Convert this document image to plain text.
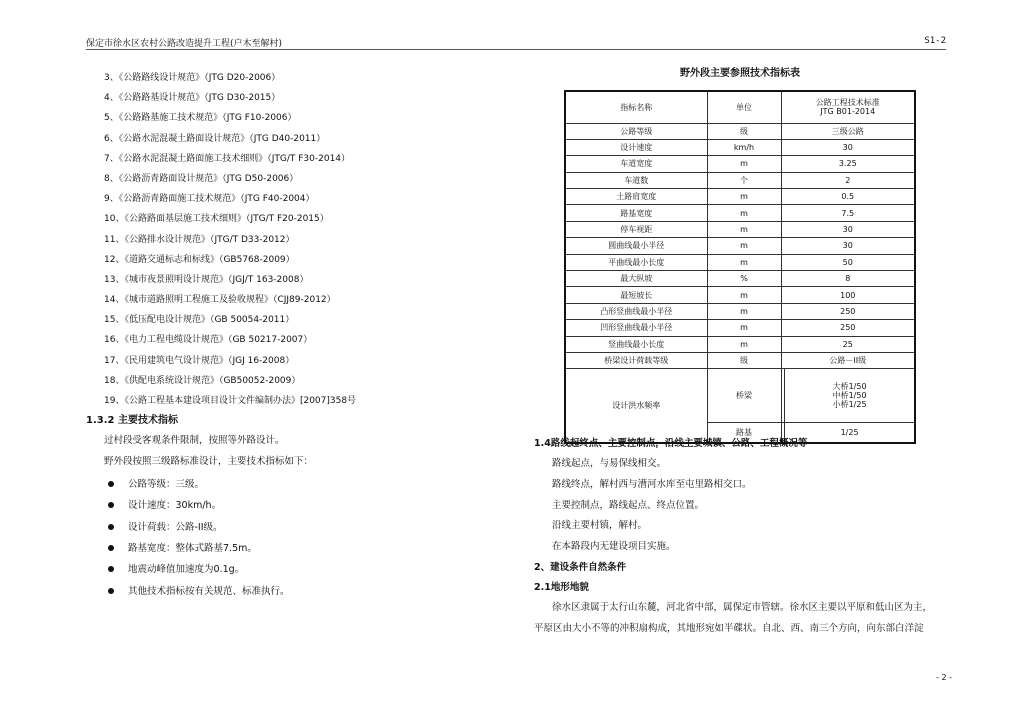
保定市徐水区农村公路改造提升工程(户木至解村)	S1-2
3、《公路路线设计规范》（JTG D20-2006）
4、《公路路基设计规范》（JTG D30-2015）
5、《公路路基施工技术规范》（JTG F10-2006）
6、《公路水泥混凝土路面设计规范》（JTG D40-2011）
7、《公路水泥混凝土路面施工技术细则》（JTG/T F30-2014）
8、《公路沥青路面设计规范》（JTG D50-2006）
9、《公路沥青路面施工技术规范》（JTG F40-2004）
10、《公路路面基层施工技术细则》（JTG/T F20-2015）
11、《公路排水设计规范》（JTG/T D33-2012）
12、《道路交通标志和标线》（GB5768-2009）
13、《城市夜景照明设计规范》（JGJ/T 163-2008）
14、《城市道路照明工程施工及验收规程》（CJJ89-2012）
15、《低压配电设计规范》（GB 50054-2011）
16、《电力工程电缆设计规范》（GB 50217-2007）
17、《民用建筑电气设计规范》（JGJ 16-2008）
18、《供配电系统设计规范》（GB50052-2009）
19、《公路工程基本建设项目设计文件编制办法》[2007]358号
1.3.2 主要技术指标
过村段受客观条件限制，按照等外路设计。
野外段按照三级路标准设计，主要技术指标如下：
公路等级：三级。
设计速度：30km/h。
设计荷载：公路-II级。
路基宽度：整体式路基7.5m。
地震动峰值加速度为0.1g。
其他技术指标按有关规范、标准执行。
野外段主要参照技术指标表
指标名称	单位	公路工程技术标准
JTG B01-2014	

公路等级	级	三级公路	
设计速度	km/h	30	
车道宽度	m	3.25	
车道数	个	2	
土路肩宽度	m	0.5	
路基宽度	m	7.5	
停车视距	m	30	
圆曲线最小半径	m	30	
平曲线最小长度	m	50	
最大纵坡	%	8	
最短坡长	m	100	
凸形竖曲线最小半径	m	250	
凹形竖曲线最小半径	m	250	
竖曲线最小长度	m	25	
桥梁设计荷载等级	级	公路－II级	
设计洪水频率	桥梁		大桥1/50
中桥1/50
小桥1/25

	路基		1/25
1.4路线起终点、主要控制点，沿线主要城镇、公路、工程概况等
路线起点，与易保线相交。
路线终点，解村西与漕河水库至屯里路相交口。
主要控制点，路线起点、终点位置。
沿线主要村镇，解村。
在本路段内无建设项目实施。
2、建设条件自然条件
2.1地形地貌
徐水区隶属于太行山东麓，河北省中部，属保定市管辖。徐水区主要以平原和低山区为主，
平原区由大小不等的冲积扇构成，其地形宛如半碟状。自北、西、南三个方向，向东部白洋淀
- 2 -
